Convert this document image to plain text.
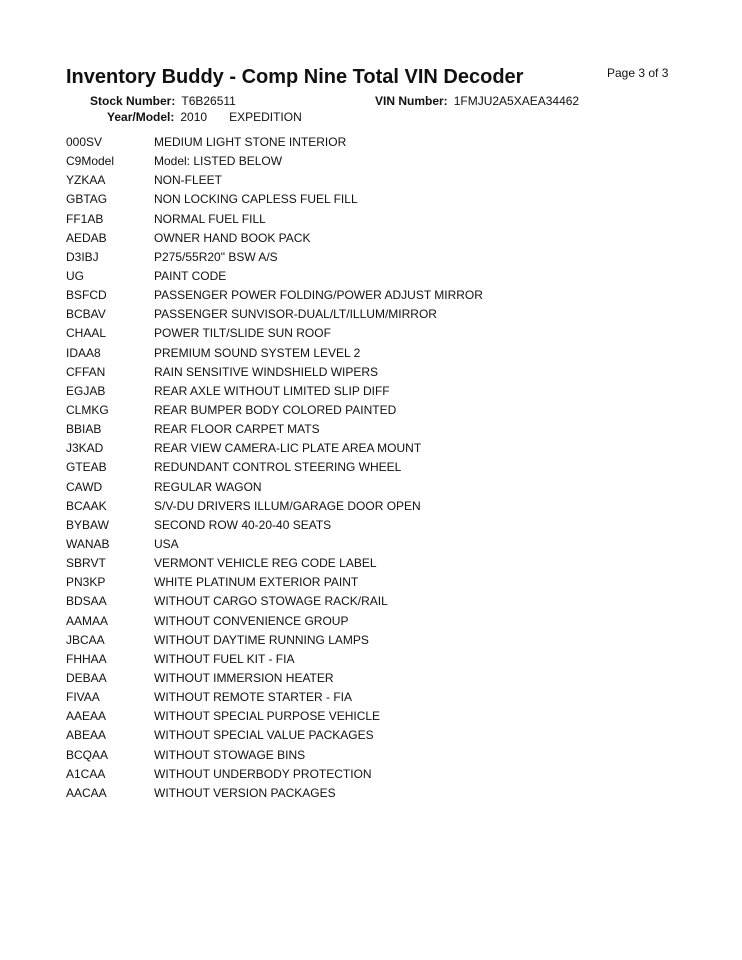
Inventory Buddy - Comp Nine Total VIN Decoder	Page 3 of 3
Stock Number: T6B26511	VIN Number: 1FMJU2A5XAEA34462
Year/Model: 2010 EXPEDITION
000SV	MEDIUM LIGHT STONE INTERIOR
C9Model	Model: LISTED BELOW
YZKAA	NON-FLEET
GBTAG	NON LOCKING CAPLESS FUEL FILL
FF1AB	NORMAL FUEL FILL
AEDAB	OWNER HAND BOOK PACK
D3IBJ	P275/55R20" BSW A/S
UG	PAINT CODE
BSFCD	PASSENGER POWER FOLDING/POWER ADJUST MIRROR
BCBAV	PASSENGER SUNVISOR-DUAL/LT/ILLUM/MIRROR
CHAAL	POWER TILT/SLIDE SUN ROOF
IDAA8	PREMIUM SOUND SYSTEM LEVEL 2
CFFAN	RAIN SENSITIVE WINDSHIELD WIPERS
EGJAB	REAR AXLE WITHOUT LIMITED SLIP DIFF
CLMKG	REAR BUMPER BODY COLORED PAINTED
BBIAB	REAR FLOOR CARPET MATS
J3KAD	REAR VIEW CAMERA-LIC PLATE AREA MOUNT
GTEAB	REDUNDANT CONTROL STEERING WHEEL
CAWD	REGULAR WAGON
BCAAK	S/V-DU DRIVERS ILLUM/GARAGE DOOR OPEN
BYBAW	SECOND ROW 40-20-40 SEATS
WANAB	USA
SBRVT	VERMONT VEHICLE REG CODE LABEL
PN3KP	WHITE PLATINUM EXTERIOR PAINT
BDSAA	WITHOUT CARGO STOWAGE RACK/RAIL
AAMAA	WITHOUT CONVENIENCE GROUP
JBCAA	WITHOUT DAYTIME RUNNING LAMPS
FHHAA	WITHOUT FUEL KIT - FIA
DEBAA	WITHOUT IMMERSION HEATER
FIVAA	WITHOUT REMOTE STARTER - FIA
AAEAA	WITHOUT SPECIAL PURPOSE VEHICLE
ABEAA	WITHOUT SPECIAL VALUE PACKAGES
BCQAA	WITHOUT STOWAGE BINS
A1CAA	WITHOUT UNDERBODY PROTECTION
AACAA	WITHOUT VERSION PACKAGES
